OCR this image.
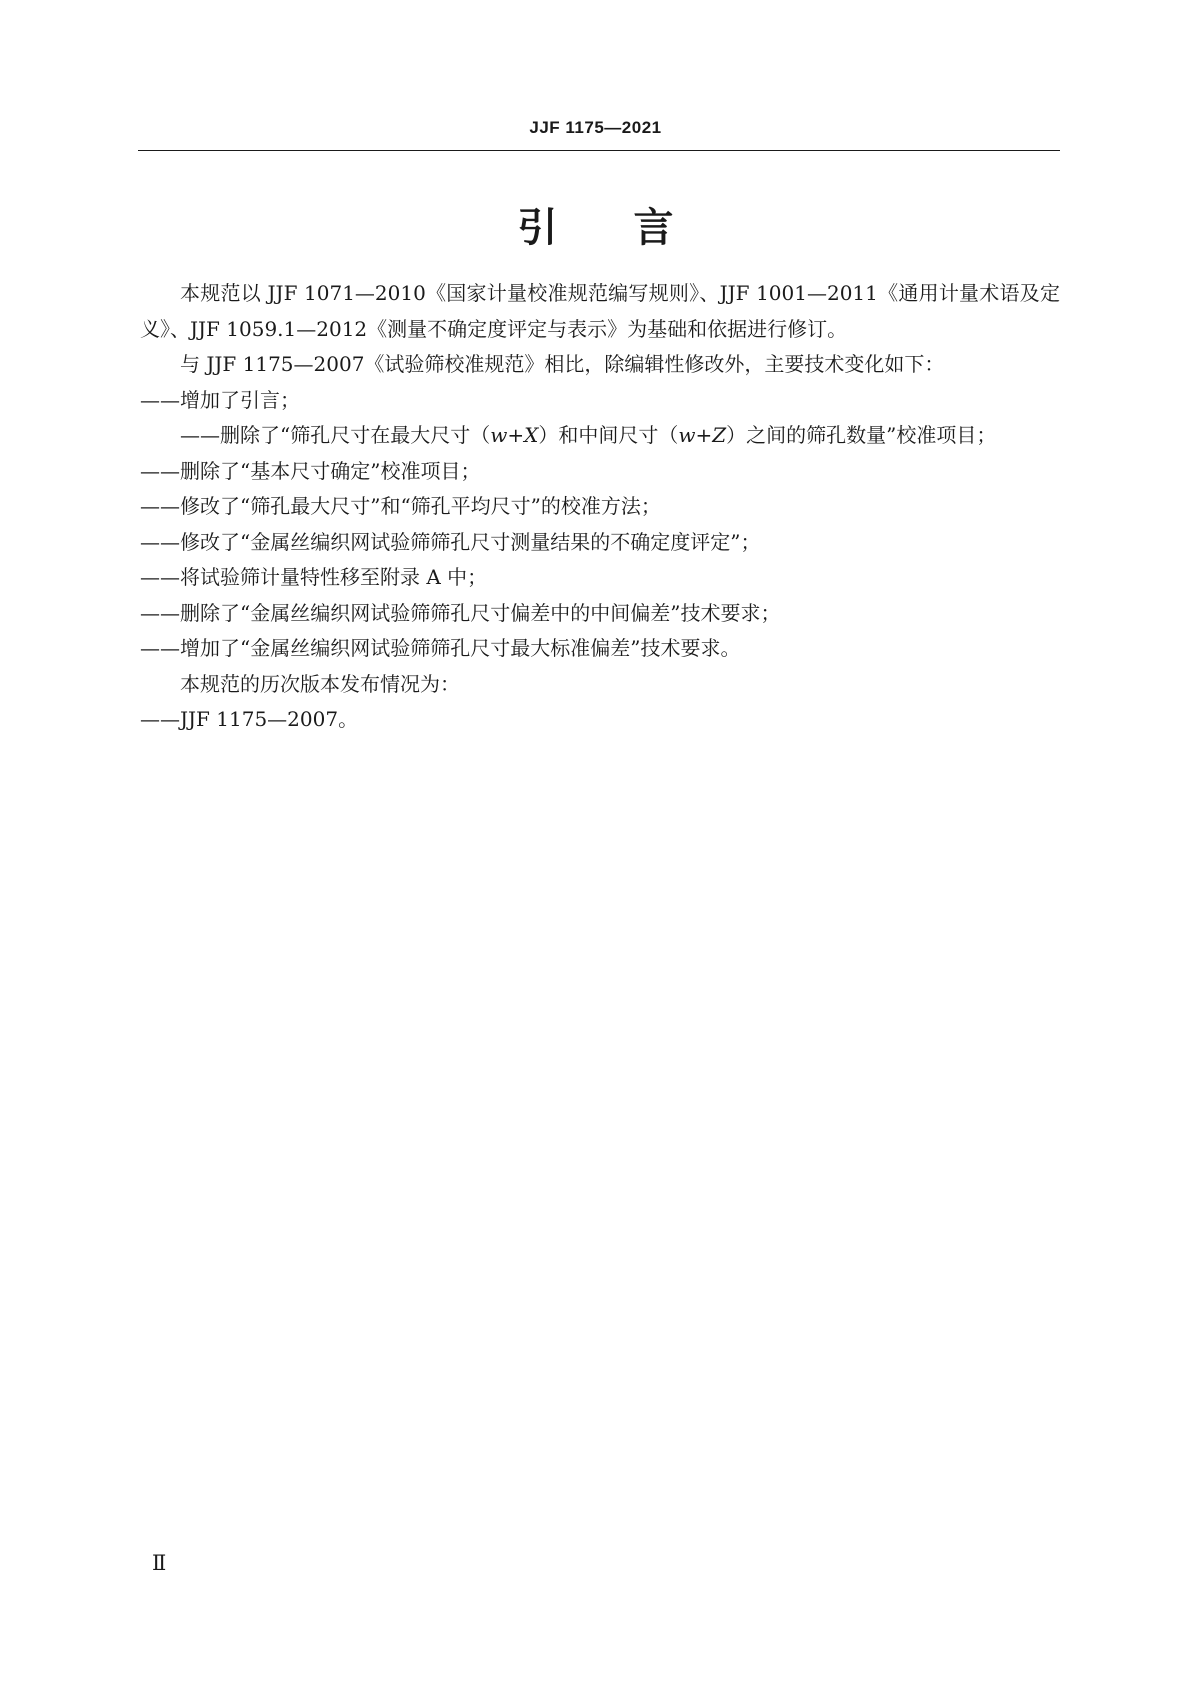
JJF 1175—2021
引言

本规范以 JJF 1071—2010《国家计量校准规范编写规则》、JJF 1001—2011《通用计量术语及定义》、JJF 1059.1—2012《测量不确定度评定与表示》为基础和依据进行修订。

与 JJF 1175—2007《试验筛校准规范》相比，除编辑性修改外，主要技术变化如下：

——增加了引言；

——删除了“筛孔尺寸在最大尺寸（w+X）和中间尺寸（w+Z）之间的筛孔数量”校准项目；

——删除了“基本尺寸确定”校准项目；

——修改了“筛孔最大尺寸”和“筛孔平均尺寸”的校准方法；

——修改了“金属丝编织网试验筛筛孔尺寸测量结果的不确定度评定”；

——将试验筛计量特性移至附录 A 中；

——删除了“金属丝编织网试验筛筛孔尺寸偏差中的中间偏差”技术要求；

——增加了“金属丝编织网试验筛筛孔尺寸最大标准偏差”技术要求。

本规范的历次版本发布情况为：

——JJF 1175—2007。

Ⅱ
